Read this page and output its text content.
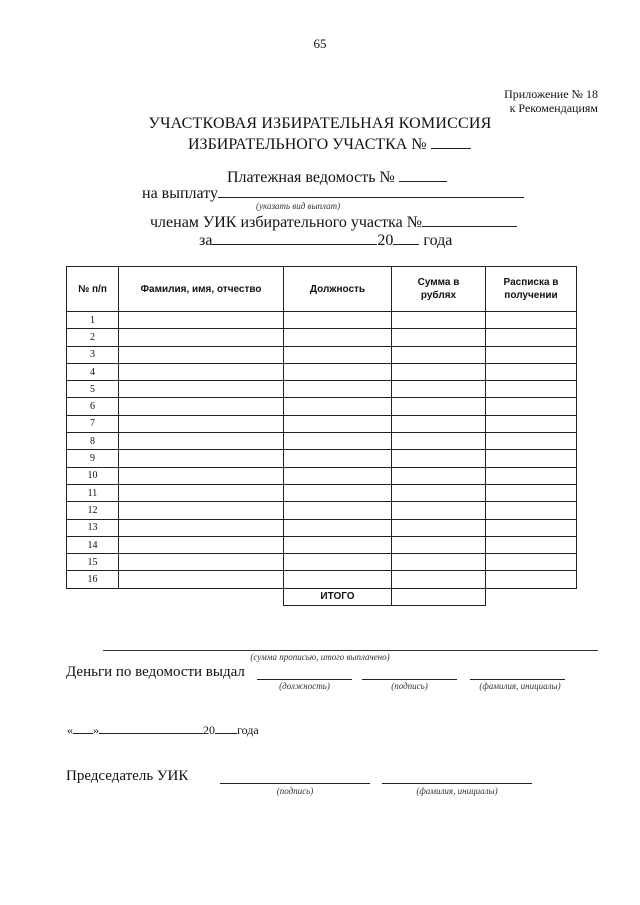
65
Приложение № 18
к Рекомендациям
УЧАСТКОВАЯ ИЗБИРАТЕЛЬНАЯ КОМИССИЯ
ИЗБИРАТЕЛЬНОГО УЧАСТКА №
Платежная ведомость №
на выплату
(указать вид выплат)
членам УИК избирательного участка №
за	20 года
№ п/п	Фамилия, имя, отчество	Должность	Сумма в рублях	Расписка в получении
1				
2				
3				
4				
5				
6				
7				
8				
9				
10				
11				
12				
13				
14				
15				
16				
		ИТОГО		
(сумма прописью, итого выплачено)
Деньги по ведомости выдал
(должность)	(подпись)	(фамилия, инициалы)
« »	20 года
Председатель УИК
(подпись)	(фамилия, инициалы)
